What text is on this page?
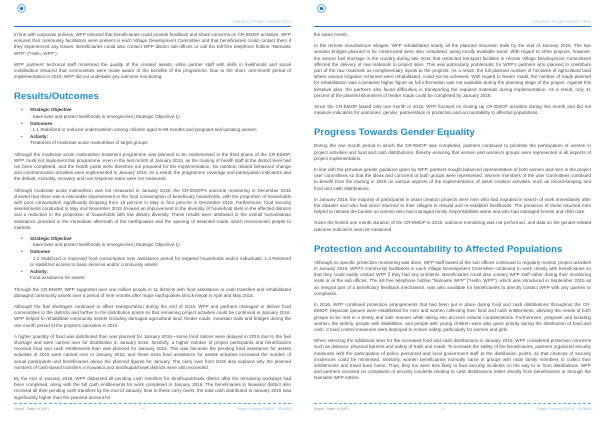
Standard Project Report 2016

In line with corporate policies, WFP ensured that beneficiaries could provide feedback and share concerns on CR-EMOP activities. WFP ensured that community facilitators were present in each Village Development Committee and that beneficiaries could contact them if they experienced any issues. Beneficiaries could also contact WFP district sub-offices or call the toll-free telephone hotline "Namaste WFP" ("Hello, WFP").

WFP partners' technical staff monitored the quality of the created assets, while partner staff with skills in livelihoods and social mobilisation ensured that communities were made aware of the benefits of the programme. Due to the short, one-month period of implementation in 2016, WFP did not undertake any outcome monitoring.

Results/Outcomes
• Strategic Objective
: Save lives and protect livelihoods in emergencies (Strategic Objective 1)
• Outcomes
: 1.1 Stabilized or reduced undernutrition among children aged 6–59 months and pregnant and lactating women
• Activity:
Treatment of moderate acute malnutrition of target groups

Although the moderate acute malnutrition treatment programme was planned to be implemented in the third phase of the CR-EMOP, WFP could not implement this programme, even in the last month of January 2016, as the training of health staff at the district level had not been completed, and the health posts were therefore not prepared for the implementation. No nutrition related behaviour change and communication activities were implemented in January 2016. As a result, the programme coverage and participation indicators and the default, mortality, recovery and non-response rates were not measured.

Although moderate acute malnutrition was not measured in January 2016, the CR-EMOP's outcome monitoring in December 2015 showed that there was a noticeable improvement in the food consumption of beneficiary households, with the proportion of households with poor consumption significantly dropping from 19 percent in May to four percent in December 2015. Furthermore, food security assessments conducted in May and November 2015 showed an improvement in the diversity of household diets in the affected districts and a reduction in the proportion of households with low dietary diversity. These results were attributed to the overall humanitarian assistance provided in the immediate aftermath of the earthquakes and the opening of essential roads, which reconnected people to markets.

• Strategic Objective
: Save lives and protect livelihoods in emergencies (Strategic Objective 1)
• Outcome
: 1.2 Stabilized or improved food consumption over assistance period for targeted households and/or individuals; 1.3 Restored or stabilized access to basic services and/or community assets
• Activity:
Food assistance for assets

Through the CR-EMOP, WFP supported over one million people in 11 districts with food assistance or cash transfers and rehabilitated damaged community assets over a period of nine months after major earthquakes struck Nepal in April and May 2015.

Although the fuel shortages continued to affect transportation during the end of 2015, WFP and partners managed to deliver food commodities to the districts and further to the distribution points so that remaining project activities could be continued in January 2016. WFP helped to rehabilitate community assets including damaged agricultural land, feeder roads, mountain trails and bridges during the one month period of the project's operation in 2016.

A higher quantity of food was distributed than was planned for January 2016—some food rations were delayed in 2015 due to the fuel shortage and were carried over for distribution in January 2016. Similarly, a higher number of project participants and beneficiaries received food and cash entitlements than was planned for January 2016. This was because the pending food assistance for assets activities of 2015 were carried over to January 2016, and these extra food assistance for assets activities increased the number of actual participants and beneficiaries above the planned figures for January. The carry over from 2015 also explains why the planned numbers of cash-based transfers in Nuwakot and Sindhupalchowk districts were also exceeded.

By the end of January 2016, WFP disbursed all pending cash transfers for Sindhupalchowk district after the remaining workdays had been completed, along with the full cash entitlements for work completed in January 2016. The beneficiaries in Nuwakot district also received all their pending cash transfers by the end of January. Due to these carry-overs, the total cash distributed in January 2016 was significantly higher than the planned amount for

Nepal, State of (NP)	19	Single Country EMOP - 200668
Standard Project Report 2016

the same month.

In the remote mountainous villages, WFP rehabilitated nearly all the planned mountain trails by the end of January 2016. The two wooden bridges planned to be constructed were also completed, using locally available wood. With regard to other projects, however, the severe fuel shortage in the country during late 2015 that restricted transport facilities in remote Village Development Committees affected the delivery of raw materials to project sites. This was particularly problematic for WFP's partners who planned to contribute part of the raw materials as complimentary inputs to the projects. As a result, the full planned number of hectares of agricultural land where various irrigation schemes were rehabilitated, could not be achieved. With regard to feeder roads, the number of roads planned for rehabilitation was a tentative higher figure as full information was not available during the planning stage of the project. Against this tentative plan, the partners also faced difficulties in transporting the required materials during implementation. As a result, only 41 percent of the planned kilometres of feeder roads could be completed by January 2016.

Since the CR-EMOP lasted only one month in 2016, WFP focused on closing up CR-EMOP activities during this month and did not measure indicators for outcomes, gender, partnerships or protection and accountability to affected populations.

Progress Towards Gender Equality

During the one month period in which the CR-EMOP was completed, partners continued to prioritise the participation of women in project activities and food and cash distributions, thereby ensuring that women and women's groups were represented in all aspects of project implementation.

In line with the previous gender guidance given by WFP, partners sought balanced representation of both women and men in the project user committees so that the ideas and concerns of both groups were represented. Women members of the user committees continued to benefit from the training in 2015 on various aspects of the implementation of asset creation activities, such as record-keeping and food and cash distributions.

In January 2016, the majority of participants in asset creation projects were men who had migrated in search of work immediately after the disaster and who had since returned to their villages to rebuild and re-establish livelihoods. The presence of these returned men helped to release the burden on women who had managed family responsibilities alone and who had managed homes and child care.

Given the limited one month duration of the CR-EMOP in 2016, outcome monitoring was not performed, and data on the gender-related outcome indicators was not measured.

Protection and Accountability to Affected Populations

Although no specific protection monitoring was done, WFP staff based at the sub offices continued to regularly monitor project activities in January 2016. WFP's community facilitators in each Village Development Committee continued to work closely with beneficiaries so that they could easily contact WFP if they had any problems. Beneficiaries could also contact WFP staff either during their monitoring visits or at the sub offices. The toll free telephone hotline "Namaste WFP" ("Hello, WFP"), which was introduced in September 2015 as an integral part of a beneficiary feedback mechanism, was also available for beneficiaries to directly contact WFP with any queries or complaints.

In 2016, WFP continued protection arrangements that had been put in place during food and cash distributions throughout the CR-EMOP. Separate queues were established for men and women collecting their food and cash entitlements, allowing the needs of both groups to be met in a timely and safe manner while taking into account cultural considerations. Furthermore, pregnant and lactating women, the elderly, people with disabilities, and people with young children were also given priority during the distribution of food and cash. Crowd control measures were deployed to ensure safety, particularly for women and girls.

When selecting the additional sites for the increased food and cash distributions in January 2016, WFP considered protection concerns such as distance, physical barriers and safety of trails and roads. To increase the safety of the beneficiaries, partners organized security measures with the participation of police personnel and local government staff at the distribution points, so that chances of security incidences could be minimised. Similarly, women beneficiaries normally came in groups with male family members to collect their entitlements and travel back home. Thus, they too were less likely to face security incidents on the way to or from distributions. WFP and partners received no complaints of security incidents relating to cash distributions either directly from beneficiaries or through the Namaste WFP hotline.

Nepal, State of (NP)	20	Single Country EMOP - 200668
